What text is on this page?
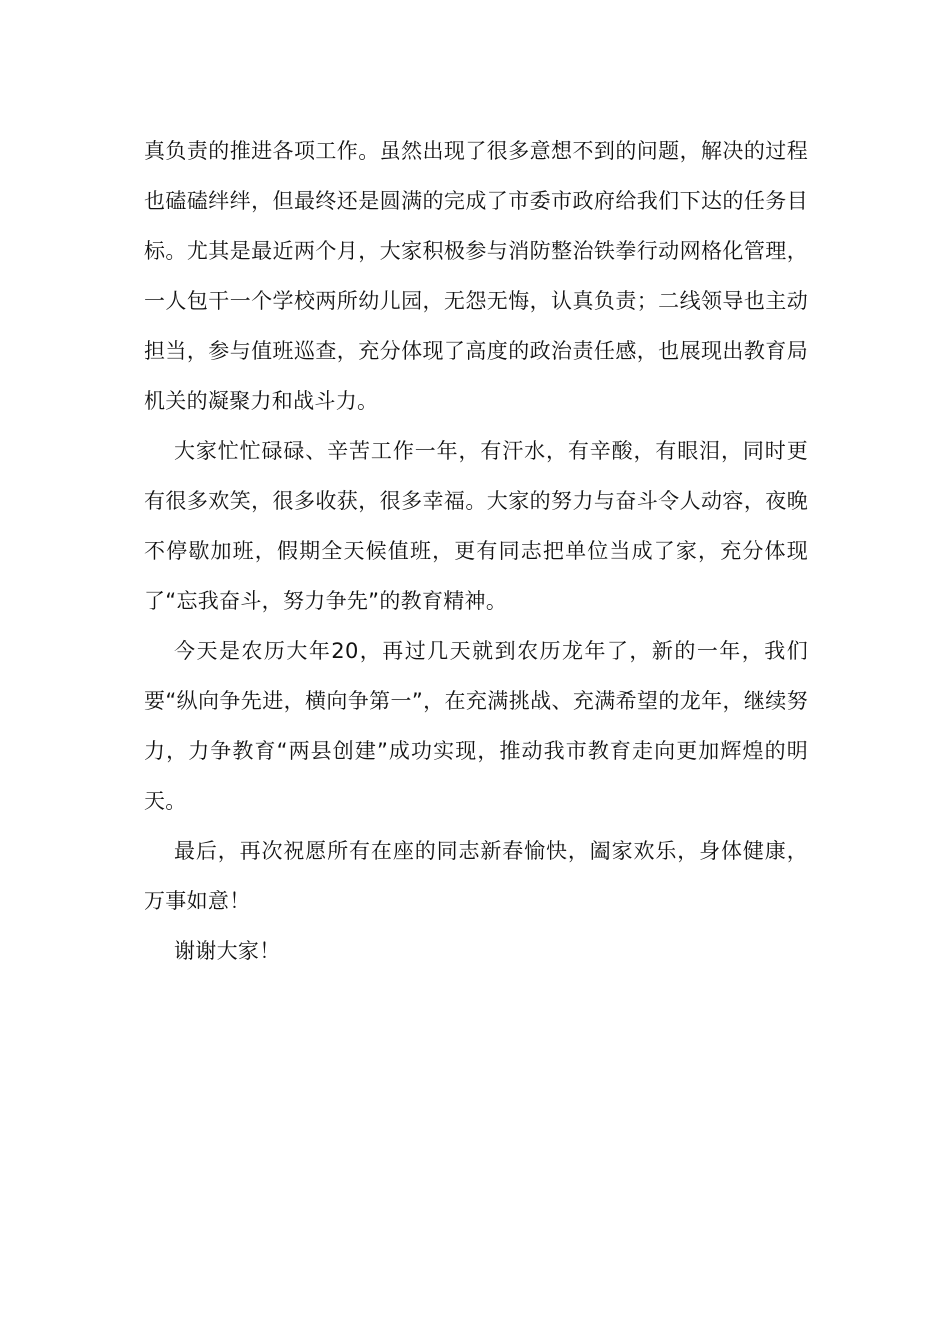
真负责的推进各项工作。虽然出现了很多意想不到的问题，解决的过程也磕磕绊绊，但最终还是圆满的完成了市委市政府给我们下达的任务目标。尤其是最近两个月，大家积极参与消防整治铁拳行动网格化管理，一人包干一个学校两所幼儿园，无怨无悔，认真负责；二线领导也主动担当，参与值班巡查，充分体现了高度的政治责任感，也展现出教育局机关的凝聚力和战斗力。

大家忙忙碌碌、辛苦工作一年，有汗水，有辛酸，有眼泪，同时更有很多欢笑，很多收获，很多幸福。大家的努力与奋斗令人动容，夜晚不停歇加班，假期全天候值班，更有同志把单位当成了家，充分体现了“忘我奋斗，努力争先”的教育精神。

今天是农历大年20，再过几天就到农历龙年了，新的一年，我们要“纵向争先进，横向争第一”，在充满挑战、充满希望的龙年，继续努力，力争教育“两县创建”成功实现，推动我市教育走向更加辉煌的明天。

最后，再次祝愿所有在座的同志新春愉快，阖家欢乐，身体健康，万事如意！

谢谢大家！
